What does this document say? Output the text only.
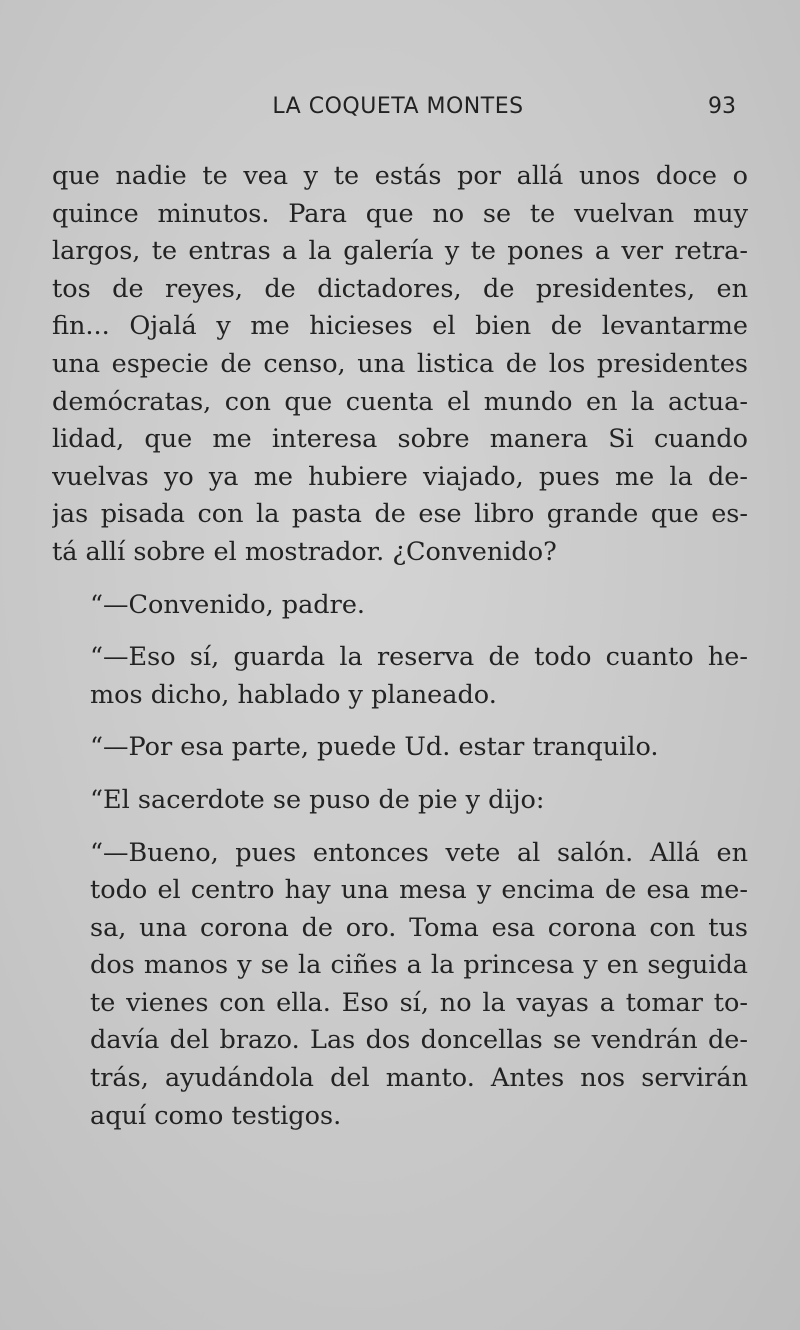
LA COQUETA MONTES	93
que nadie te vea y te estás por allá unos doce o
quince minutos. Para que no se te vuelvan muy
largos, te entras a la galería y te pones a ver retra-
tos de reyes, de dictadores, de presidentes, en
fin... Ojalá y me hicieses el bien de levantarme
una especie de censo, una listica de los presidentes
demócratas, con que cuenta el mundo en la actua-
lidad, que me interesa sobre manera Si cuando
vuelvas yo ya me hubiere viajado, pues me la de-
jas pisada con la pasta de ese libro grande que es-
tá allí sobre el mostrador. ¿Convenido?
“—Convenido, padre.
“—Eso sí, guarda la reserva de todo cuanto he-
mos dicho, hablado y planeado.
“—Por esa parte, puede Ud. estar tranquilo.
“El sacerdote se puso de pie y dijo:
“—Bueno, pues entonces vete al salón. Allá en
todo el centro hay una mesa y encima de esa me-
sa, una corona de oro. Toma esa corona con tus
dos manos y se la ciñes a la princesa y en seguida
te vienes con ella. Eso sí, no la vayas a tomar to-
davía del brazo. Las dos doncellas se vendrán de-
trás, ayudándola del manto. Antes nos servirán
aquí como testigos.
